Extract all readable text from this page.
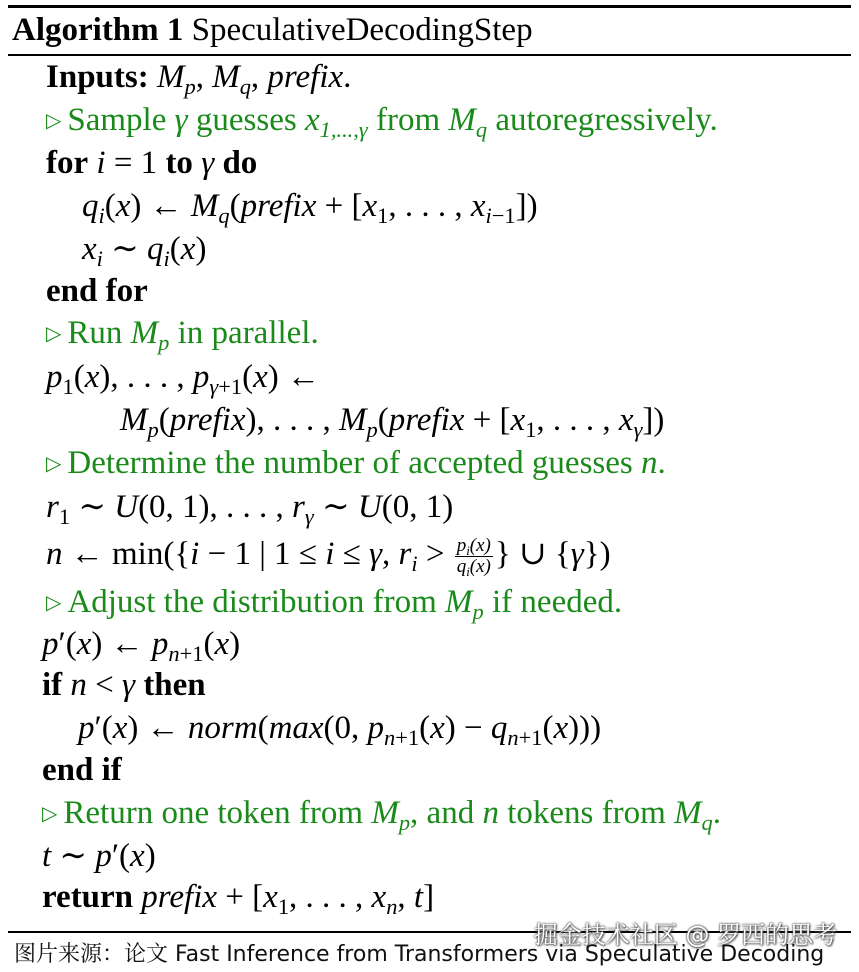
Algorithm 1 SpeculativeDecodingStep
Inputs: $M_p$, $M_q$, prefix.
▷ Sample γ guesses $x_{1,...,\gamma}$ from $M_q$ autoregressively.
for i = 1 to γ do
$q_i(x)$ ← $M_q(prefix + [x_1$, . . . , $x_{i-1}$])
$x_i$ ∼ $q_i(x)$
end for
▷ Run $M_p$ in parallel.
$p_1(x)$, . . . , $p_{\gamma+1}(x)$ ←
$M_p(prefix)$, . . . , $M_p(prefix + [x_1$, . . . , $x_\gamma$])
▷ Determine the number of accepted guesses n.
$r_1$ ∼ U(0, 1), . . . , $r_\gamma$ ∼ U(0, 1)
n ← min({i − 1 | 1 ≤ i ≤ γ, $r_i > \frac{p_i(x)}{q_i(x)}$ } ∪ {γ})
▷ Adjust the distribution from $M_p$ if needed.
p′(x) ← $p_{n+1}(x)$
if n < γ then
p′(x) ← norm(max(0, $p_{n+1}(x) - q_{n+1}(x)$))
end if
▷ Return one token from $M_p$, and n tokens from $M_q$.
t ∼ p′(x)
return prefix + [$x_1$, . . . , $x_n$, t]
掘金技术社区 @ 罗西的思考
图片来源：论文 Fast Inference from Transformers via Speculative Decoding
